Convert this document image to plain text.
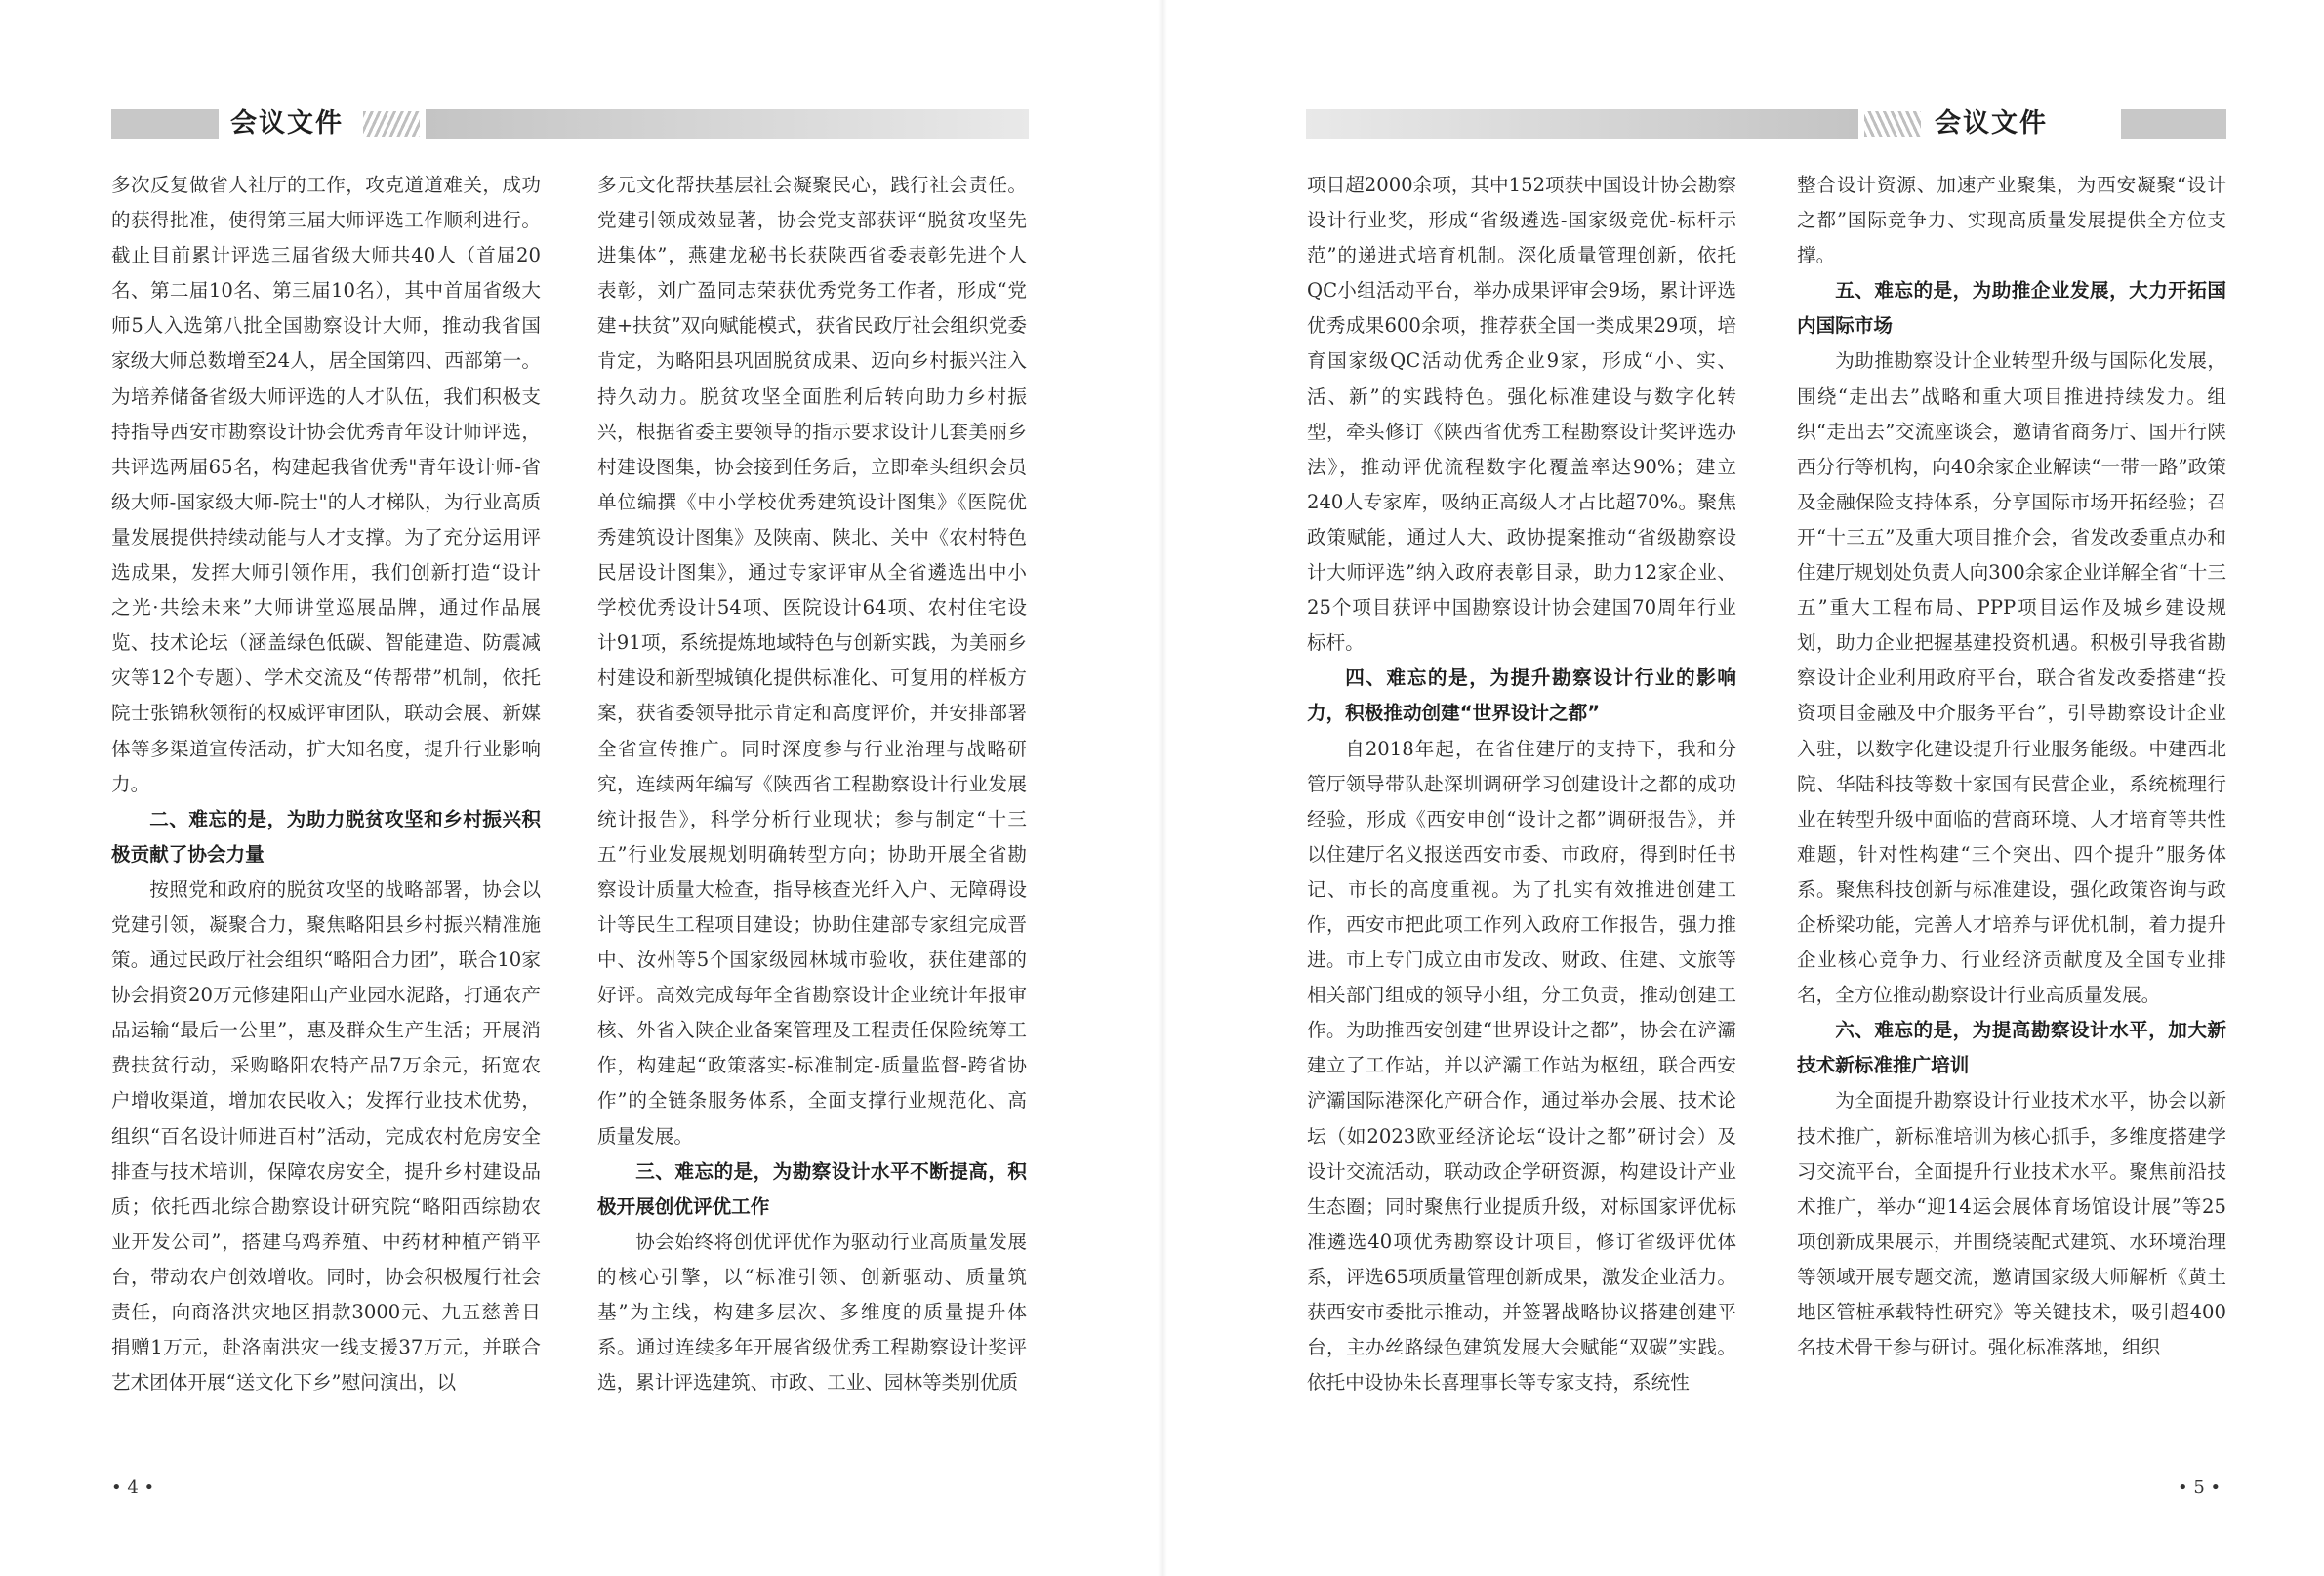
会议文件

多次反复做省人社厅的工作，攻克道道难关，成功的获得批准，使得第三届大师评选工作顺利进行。截止目前累计评选三届省级大师共40人（首届20名、第二届10名、第三届10名），其中首届省级大师5人入选第八批全国勘察设计大师，推动我省国家级大师总数增至24人，居全国第四、西部第一。为培养储备省级大师评选的人才队伍，我们积极支持指导西安市勘察设计协会优秀青年设计师评选，共评选两届65名，构建起我省优秀"青年设计师-省级大师-国家级大师-院士"的人才梯队，为行业高质量发展提供持续动能与人才支撑。为了充分运用评选成果，发挥大师引领作用，我们创新打造“设计之光·共绘未来”大师讲堂巡展品牌，通过作品展览、技术论坛（涵盖绿色低碳、智能建造、防震减灾等12个专题）、学术交流及“传帮带”机制，依托院士张锦秋领衔的权威评审团队，联动会展、新媒体等多渠道宣传活动，扩大知名度，提升行业影响力。

二、难忘的是，为助力脱贫攻坚和乡村振兴积极贡献了协会力量

按照党和政府的脱贫攻坚的战略部署，协会以党建引领，凝聚合力，聚焦略阳县乡村振兴精准施策。通过民政厅社会组织“略阳合力团”，联合10家协会捐资20万元修建阳山产业园水泥路，打通农产品运输“最后一公里”，惠及群众生产生活；开展消费扶贫行动，采购略阳农特产品7万余元，拓宽农户增收渠道，增加农民收入；发挥行业技术优势，组织“百名设计师进百村”活动，完成农村危房安全排查与技术培训，保障农房安全，提升乡村建设品质；依托西北综合勘察设计研究院“略阳西综勘农业开发公司”，搭建乌鸡养殖、中药材种植产销平台，带动农户创效增收。同时，协会积极履行社会责任，向商洛洪灾地区捐款3000元、九五慈善日捐赠1万元，赴洛南洪灾一线支援37万元，并联合艺术团体开展“送文化下乡”慰问演出，以

多元文化帮扶基层社会凝聚民心，践行社会责任。党建引领成效显著，协会党支部获评“脱贫攻坚先进集体”，燕建龙秘书长获陕西省委表彰先进个人表彰，刘广盈同志荣获优秀党务工作者，形成“党建+扶贫”双向赋能模式，获省民政厅社会组织党委肯定，为略阳县巩固脱贫成果、迈向乡村振兴注入持久动力。脱贫攻坚全面胜利后转向助力乡村振兴，根据省委主要领导的指示要求设计几套美丽乡村建设图集，协会接到任务后，立即牵头组织会员单位编撰《中小学校优秀建筑设计图集》《医院优秀建筑设计图集》及陕南、陕北、关中《农村特色民居设计图集》，通过专家评审从全省遴选出中小学校优秀设计54项、医院设计64项、农村住宅设计91项，系统提炼地域特色与创新实践，为美丽乡村建设和新型城镇化提供标准化、可复用的样板方案，获省委领导批示肯定和高度评价，并安排部署全省宣传推广。同时深度参与行业治理与战略研究，连续两年编写《陕西省工程勘察设计行业发展统计报告》，科学分析行业现状；参与制定“十三五”行业发展规划明确转型方向；协助开展全省勘察设计质量大检查，指导核查光纤入户、无障碍设计等民生工程项目建设；协助住建部专家组完成晋中、汝州等5个国家级园林城市验收，获住建部的好评。高效完成每年全省勘察设计企业统计年报审核、外省入陕企业备案管理及工程责任保险统筹工作，构建起“政策落实-标准制定-质量监督-跨省协作”的全链条服务体系，全面支撑行业规范化、高质量发展。

三、难忘的是，为勘察设计水平不断提高，积极开展创优评优工作

协会始终将创优评优作为驱动行业高质量发展的核心引擎，以“标准引领、创新驱动、质量筑基”为主线，构建多层次、多维度的质量提升体系。通过连续多年开展省级优秀工程勘察设计奖评选，累计评选建筑、市政、工业、园林等类别优质

• 4 •
会议文件

项目超2000余项，其中152项获中国设计协会勘察设计行业奖，形成“省级遴选-国家级竞优-标杆示范”的递进式培育机制。深化质量管理创新，依托QC小组活动平台，举办成果评审会9场，累计评选优秀成果600余项，推荐获全国一类成果29项，培育国家级QC活动优秀企业9家，形成“小、实、活、新”的实践特色。强化标准建设与数字化转型，牵头修订《陕西省优秀工程勘察设计奖评选办法》，推动评优流程数字化覆盖率达90%；建立240人专家库，吸纳正高级人才占比超70%。聚焦政策赋能，通过人大、政协提案推动“省级勘察设计大师评选”纳入政府表彰目录，助力12家企业、25个项目获评中国勘察设计协会建国70周年行业标杆。

四、难忘的是，为提升勘察设计行业的影响力，积极推动创建“世界设计之都”

自2018年起，在省住建厅的支持下，我和分管厅领导带队赴深圳调研学习创建设计之都的成功经验，形成《西安申创“设计之都”调研报告》，并以住建厅名义报送西安市委、市政府，得到时任书记、市长的高度重视。为了扎实有效推进创建工作，西安市把此项工作列入政府工作报告，强力推进。市上专门成立由市发改、财政、住建、文旅等相关部门组成的领导小组，分工负责，推动创建工作。为助推西安创建“世界设计之都”，协会在浐灞建立了工作站，并以浐灞工作站为枢纽，联合西安浐灞国际港深化产研合作，通过举办会展、技术论坛（如2023欧亚经济论坛“设计之都”研讨会）及设计交流活动，联动政企学研资源，构建设计产业生态圈；同时聚焦行业提质升级，对标国家评优标准遴选40项优秀勘察设计项目，修订省级评优体系，评选65项质量管理创新成果，激发企业活力。获西安市委批示推动，并签署战略协议搭建创建平台，主办丝路绿色建筑发展大会赋能“双碳”实践。依托中设协朱长喜理事长等专家支持，系统性

整合设计资源、加速产业聚集，为西安凝聚“设计之都”国际竞争力、实现高质量发展提供全方位支撑。

五、难忘的是，为助推企业发展，大力开拓国内国际市场

为助推勘察设计企业转型升级与国际化发展，围绕“走出去”战略和重大项目推进持续发力。组织“走出去”交流座谈会，邀请省商务厅、国开行陕西分行等机构，向40余家企业解读“一带一路”政策及金融保险支持体系，分享国际市场开拓经验；召开“十三五”及重大项目推介会，省发改委重点办和住建厅规划处负责人向300余家企业详解全省“十三五”重大工程布局、PPP项目运作及城乡建设规划，助力企业把握基建投资机遇。积极引导我省勘察设计企业利用政府平台，联合省发改委搭建“投资项目金融及中介服务平台”，引导勘察设计企业入驻，以数字化建设提升行业服务能级。中建西北院、华陆科技等数十家国有民营企业，系统梳理行业在转型升级中面临的营商环境、人才培育等共性难题，针对性构建“三个突出、四个提升”服务体系。聚焦科技创新与标准建设，强化政策咨询与政企桥梁功能，完善人才培养与评优机制，着力提升企业核心竞争力、行业经济贡献度及全国专业排名，全方位推动勘察设计行业高质量发展。

六、难忘的是，为提高勘察设计水平，加大新技术新标准推广培训

为全面提升勘察设计行业技术水平，协会以新技术推广，新标准培训为核心抓手，多维度搭建学习交流平台，全面提升行业技术水平。聚焦前沿技术推广，举办“迎14运会展体育场馆设计展”等25项创新成果展示，并围绕装配式建筑、水环境治理等领域开展专题交流，邀请国家级大师解析《黄土地区管桩承载特性研究》等关键技术，吸引超400名技术骨干参与研讨。强化标准落地，组织

• 5 •
